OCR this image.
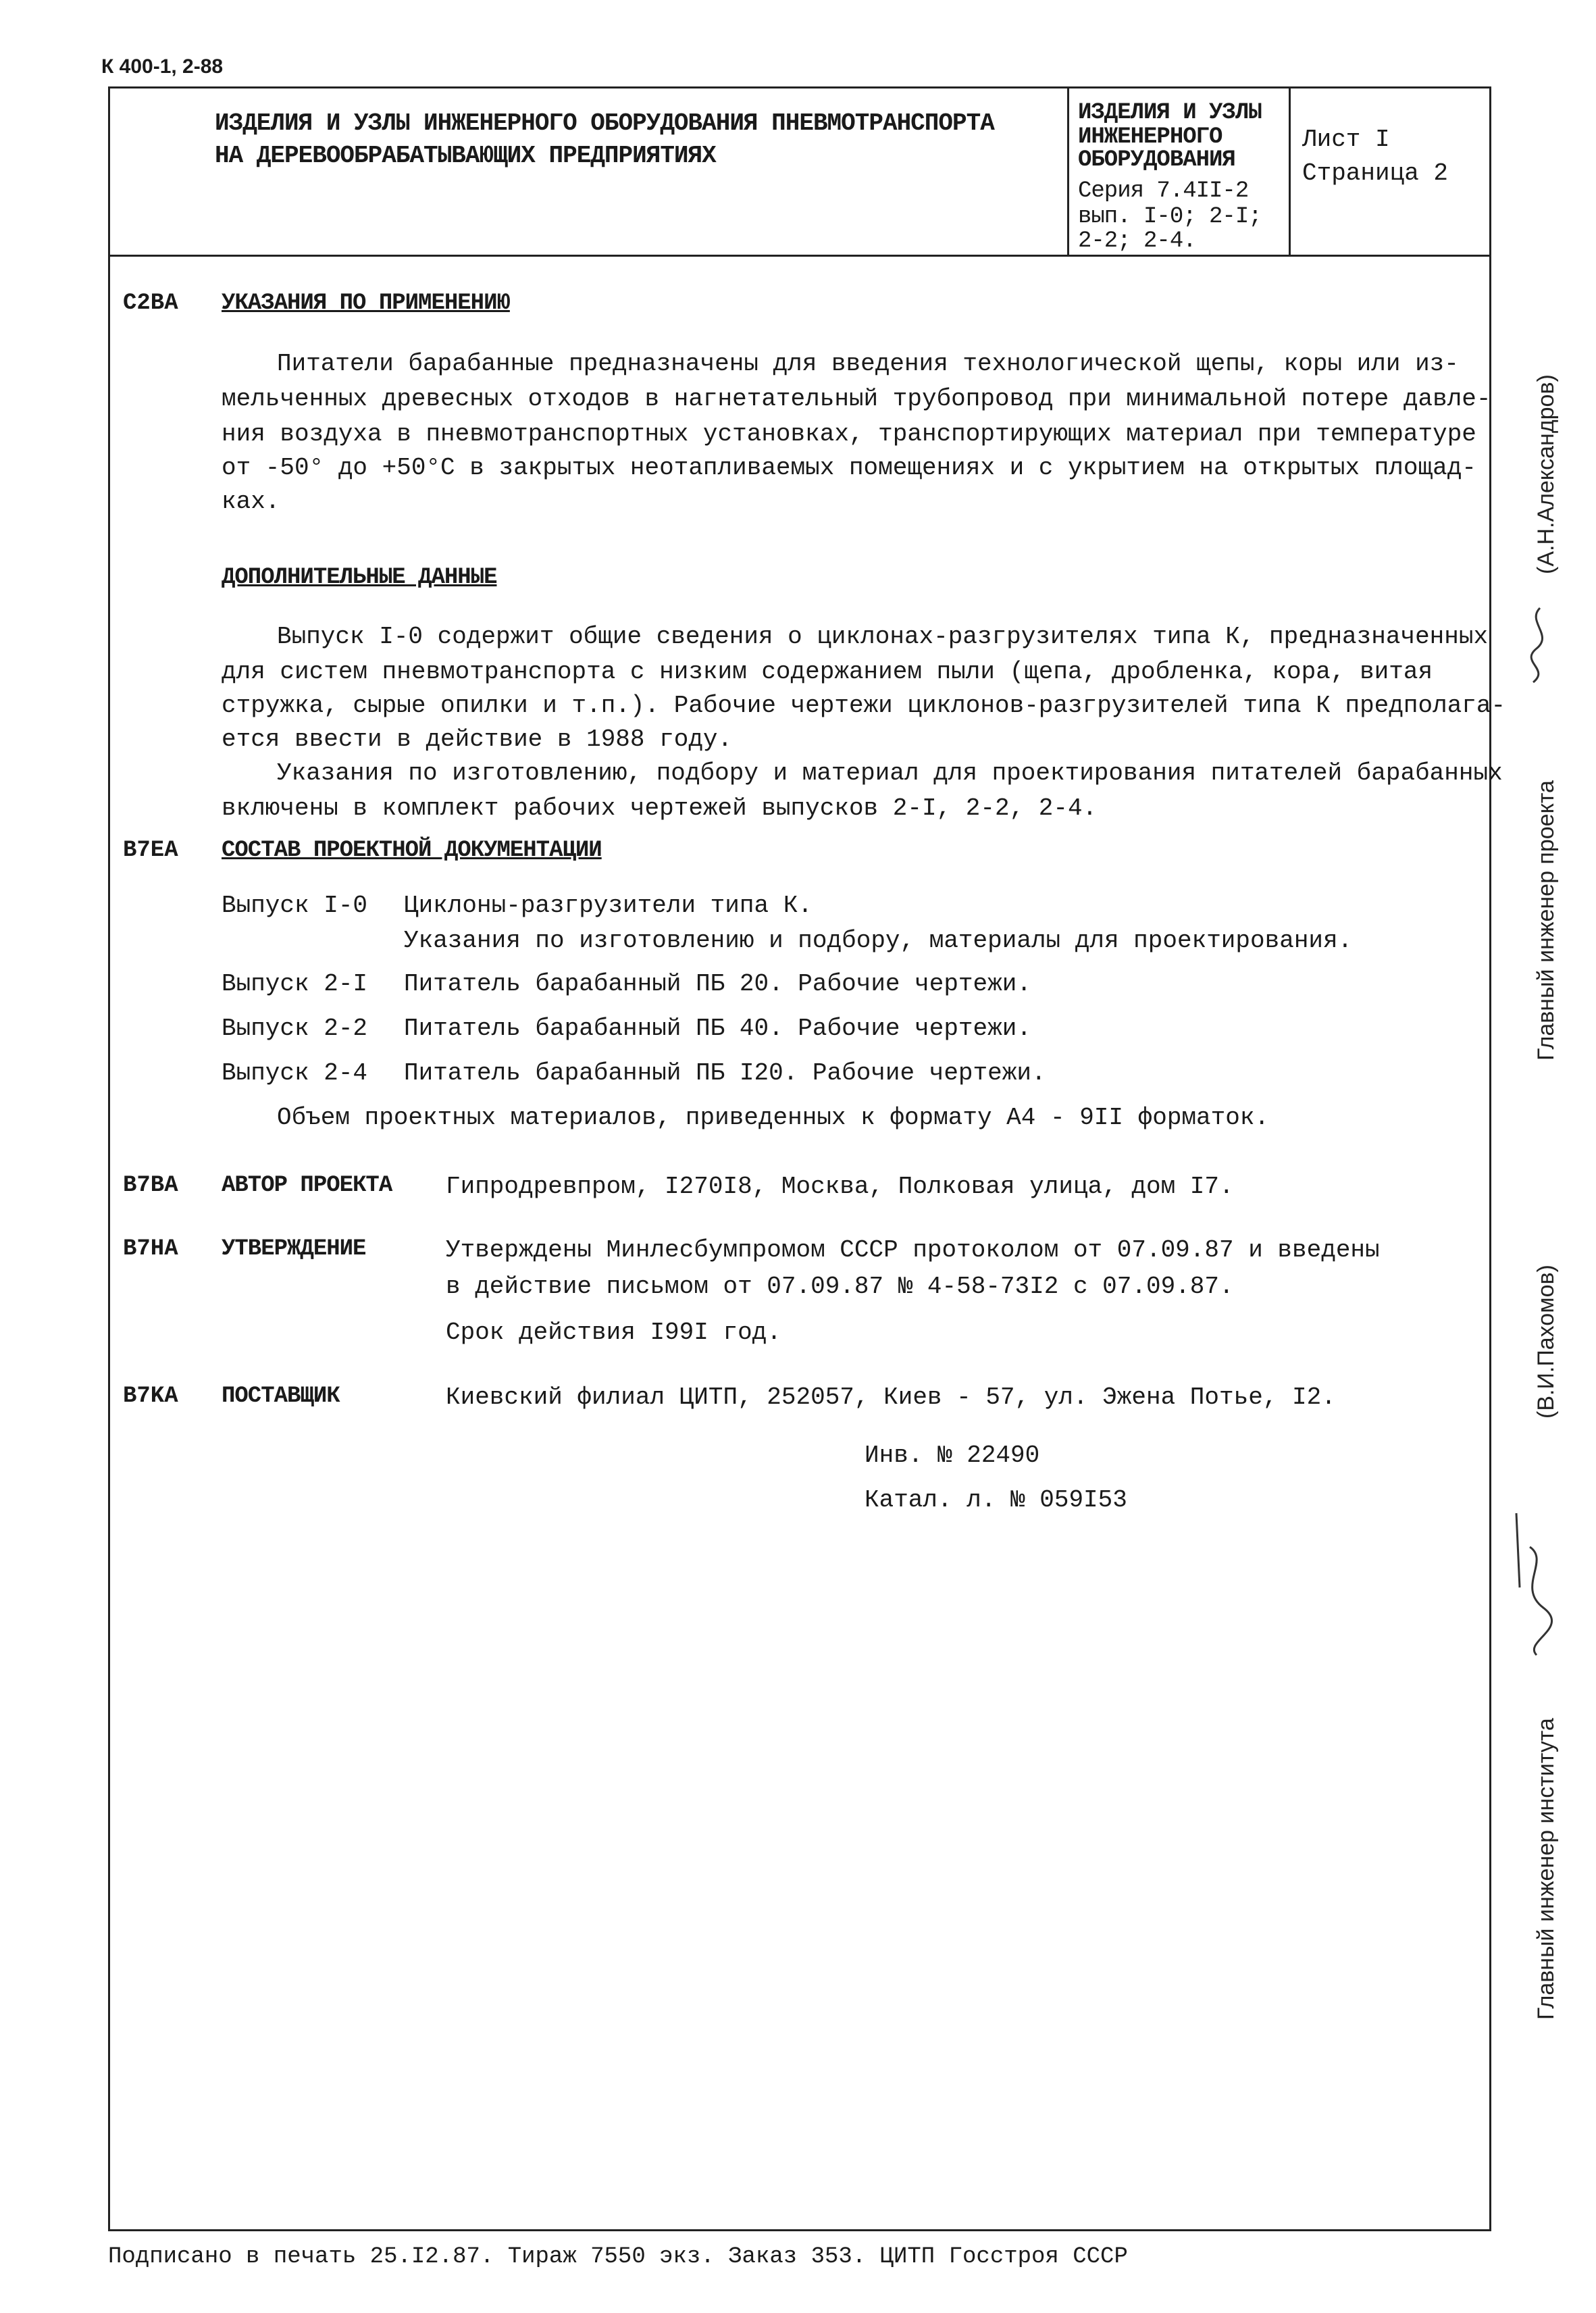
К 400-1, 2-88
ИЗДЕЛИЯ И УЗЛЫ ИНЖЕНЕРНОГО ОБОРУДОВАНИЯ ПНЕВМОТРАНСПОРТА
НА ДЕРЕВООБРАБАТЫВАЮЩИХ ПРЕДПРИЯТИЯХ
ИЗДЕЛИЯ И УЗЛЫ
ИНЖЕНЕРНОГО
ОБОРУДОВАНИЯ
Серия 7.4II-2
вып. I-0; 2-I;
2-2; 2-4.
Лист I
Страница 2
C2BA УКАЗАНИЯ ПО ПРИМЕНЕНИЮ
Питатели барабанные предназначены для введения технологической щепы, коры или из-
мельченных древесных отходов в нагнетательный трубопровод при минимальной потере давле-
ния воздуха в пневмотранспортных установках, транспортирующих материал при температуре
от -50° до +50°С в закрытых неотапливаемых помещениях и с укрытием на открытых площад-
ках.
ДОПОЛНИТЕЛЬНЫЕ ДАННЫЕ
Выпуск I-0 содержит общие сведения о циклонах-разгрузителях типа К, предназначенных
для систем пневмотранспорта с низким содержанием пыли (щепа, дробленка, кора, витая
стружка, сырые опилки и т.п.). Рабочие чертежи циклонов-разгрузителей типа К предполага-
ется ввести в действие в 1988 году.
Указания по изготовлению, подбору и материал для проектирования питателей барабанных
включены в комплект рабочих чертежей выпусков 2-I, 2-2, 2-4.
B7EA СОСТАВ ПРОЕКТНОЙ ДОКУМЕНТАЦИИ
Выпуск I-0 Циклоны-разгрузители типа К.
Указания по изготовлению и подбору, материалы для проектирования.
Выпуск 2-I Питатель барабанный ПБ 20. Рабочие чертежи.
Выпуск 2-2 Питатель барабанный ПБ 40. Рабочие чертежи.
Выпуск 2-4 Питатель барабанный ПБ I20. Рабочие чертежи.
Объем проектных материалов, приведенных к формату А4 - 9II форматок.
B7BA АВТОР ПРОЕКТА Гипродревпром, I270I8, Москва, Полковая улица, дом I7.
B7HA УТВЕРЖДЕНИЕ	Утверждены Минлесбумпромом СССР протоколом от 07.09.87 и введены
в действие письмом от 07.09.87 № 4-58-73I2 с 07.09.87.
Срок действия I99I год.
B7KA ПОСТАВЩИК	Киевский филиал ЦИТП, 252057, Киев - 57, ул. Эжена Потье, I2.
Инв. № 22490
Катал. л. № 059I53
Главный инженер проекта
(А.Н.Александров)
Главный инженер института
(В.И.Пахомов)
Подписано в печать 25.I2.87. Тираж 7550 экз. Заказ 353. ЦИТП Госстроя СССР
